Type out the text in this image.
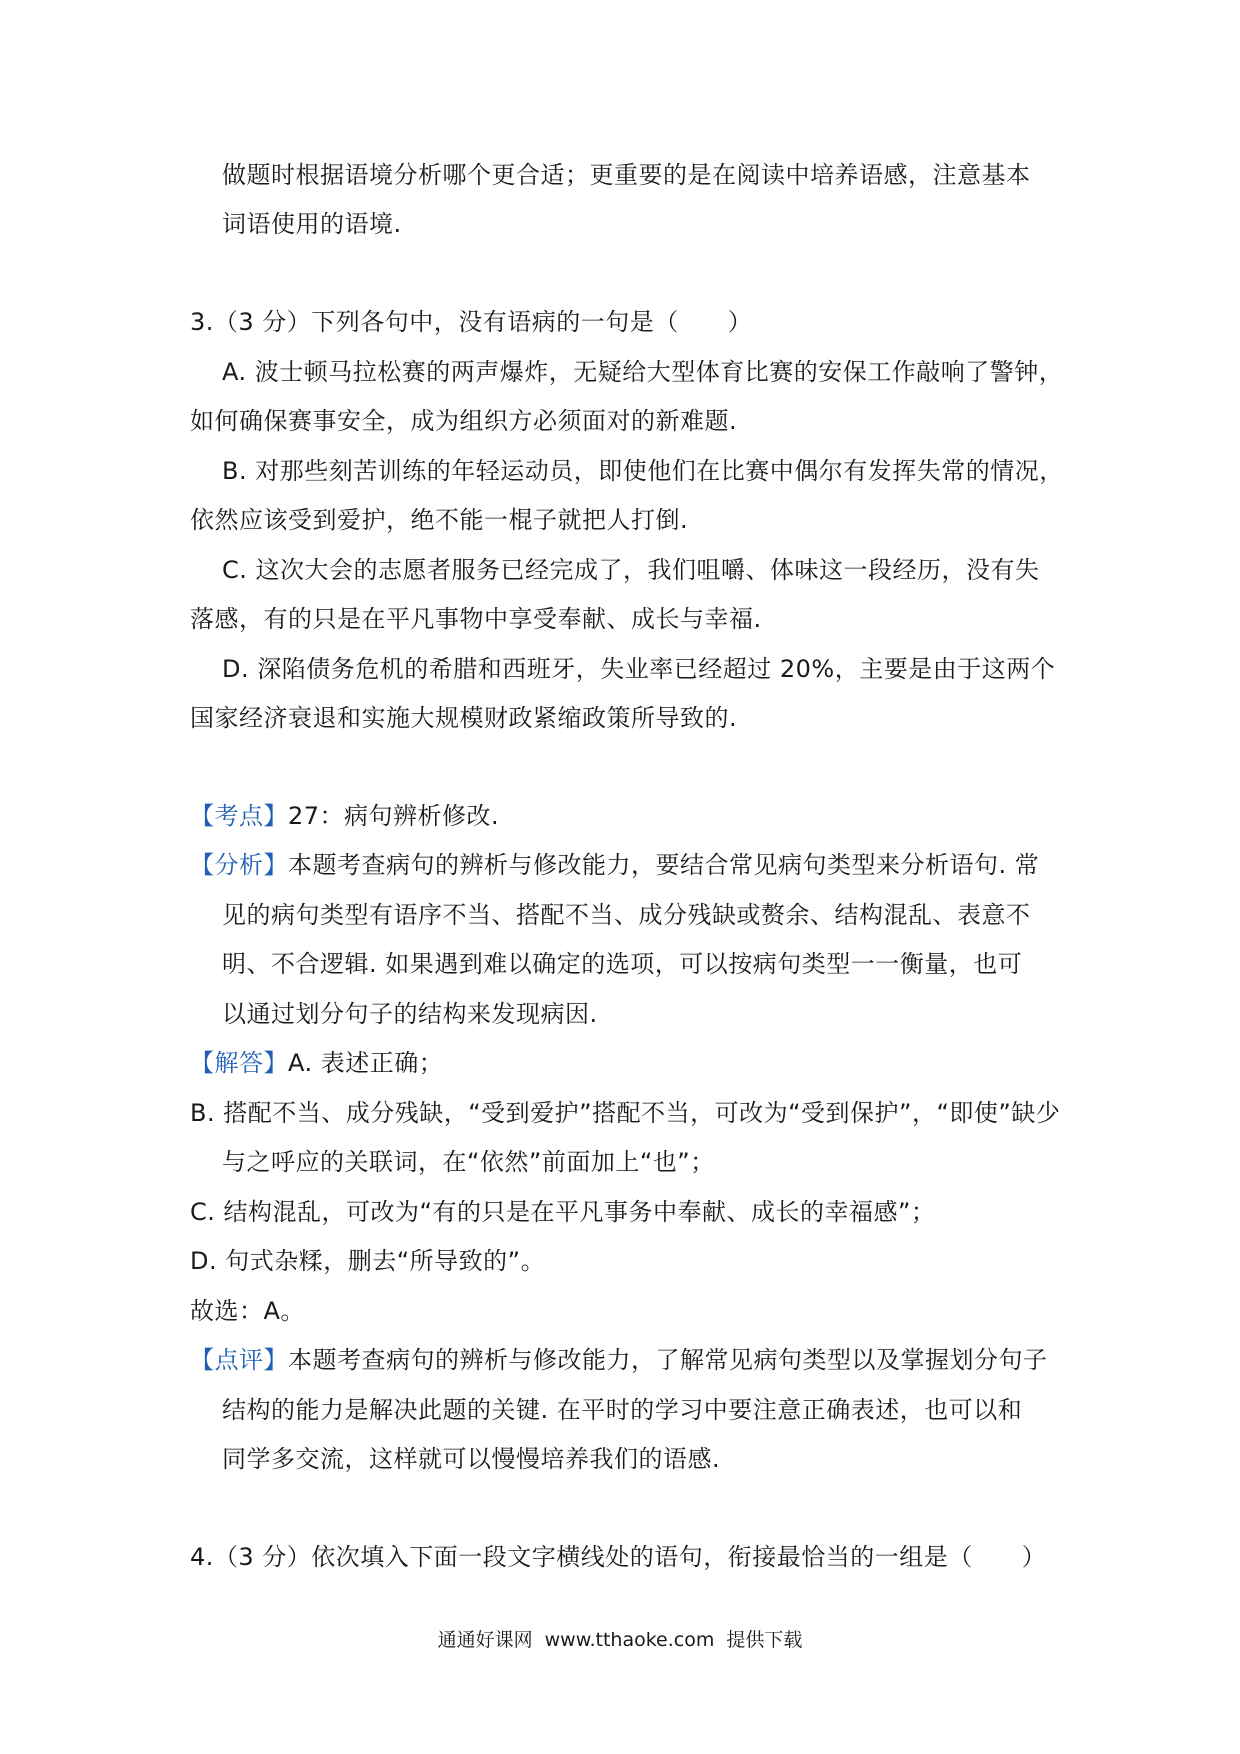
做题时根据语境分析哪个更合适；更重要的是在阅读中培养语感，注意基本
词语使用的语境.
3.（3 分）下列各句中，没有语病的一句是（　　）
A. 波士顿马拉松赛的两声爆炸，无疑给大型体育比赛的安保工作敲响了警钟，
如何确保赛事安全，成为组织方必须面对的新难题.
B. 对那些刻苦训练的年轻运动员，即使他们在比赛中偶尔有发挥失常的情况，
依然应该受到爱护，绝不能一棍子就把人打倒.
C. 这次大会的志愿者服务已经完成了，我们咀嚼、体味这一段经历，没有失
落感，有的只是在平凡事物中享受奉献、成长与幸福.
D. 深陷债务危机的希腊和西班牙，失业率已经超过 20%，主要是由于这两个
国家经济衰退和实施大规模财政紧缩政策所导致的.
【考点】27：病句辨析修改.
【分析】本题考查病句的辨析与修改能力，要结合常见病句类型来分析语句. 常
见的病句类型有语序不当、搭配不当、成分残缺或赘余、结构混乱、表意不
明、不合逻辑. 如果遇到难以确定的选项，可以按病句类型一一衡量，也可
以通过划分句子的结构来发现病因.
【解答】A. 表述正确；
B. 搭配不当、成分残缺，“受到爱护”搭配不当，可改为“受到保护”，“即使”缺少
与之呼应的关联词，在“依然”前面加上“也”；
C. 结构混乱，可改为“有的只是在平凡事务中奉献、成长的幸福感”；
D. 句式杂糅，删去“所导致的”。
故选：A。
【点评】本题考查病句的辨析与修改能力，了解常见病句类型以及掌握划分句子
结构的能力是解决此题的关键. 在平时的学习中要注意正确表述，也可以和
同学多交流，这样就可以慢慢培养我们的语感.
4.（3 分）依次填入下面一段文字横线处的语句，衔接最恰当的一组是（　　）
通通好课网 www.tthaoke.com 提供下载
